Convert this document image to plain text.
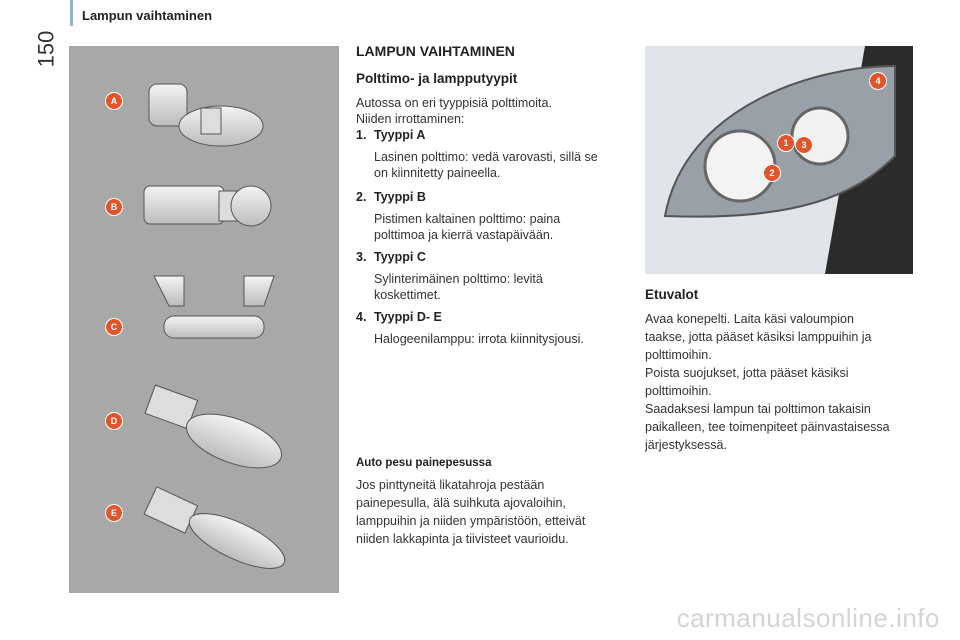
Lampun vaihtaminen
150
A
B
C
D
E
LAMPUN VAIHTAMINEN
Polttimo- ja lampputyypit
Autossa on eri tyyppisiä polttimoita.
Niiden irrottaminen:
1. Tyyppi A
Lasinen polttimo: vedä varovasti, sillä se
on kiinnitetty paineella.
2. Tyyppi B
Pistimen kaltainen polttimo: paina
polttimoa ja kierrä vastapäivään.
3. Tyyppi C
Sylinterimäinen polttimo: levitä
koskettimet.
4. Tyyppi D- E
Halogeenilamppu: irrota kiinnitysjousi.
Auto pesu painepesussa
Jos pinttyneitä likatahroja pestään
painepesulla, älä suihkuta ajovaloihin,
lamppuihin ja niiden ympäristöön, etteivät
niiden lakkapinta ja tiivisteet vaurioidu.
4
1	3
2
Etuvalot
Avaa konepelti. Laita käsi valoumpion
taakse, jotta pääset käsiksi lamppuihin ja
polttimoihin.
Poista suojukset, jotta pääset käsiksi
polttimoihin.
Saadaksesi lampun tai polttimon takaisin
paikalleen, tee toimenpiteet päinvastaisessa
järjestyksessä.
carmanualsonline.info
